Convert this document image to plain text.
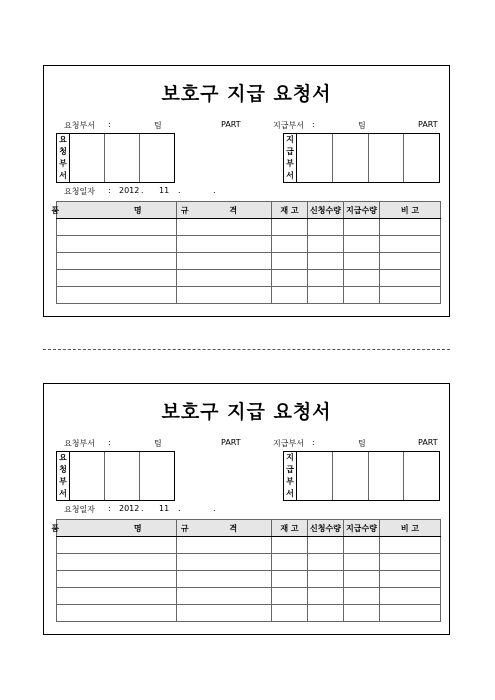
보호구 지급 요청서
요청부서 :	팀	PART	지급부서 :	팀	PART
요
청
부
서
지
급
부
서
요청일자 : 2012 . 11 .	.
품 명	규 격	재 고	신청수량	지급수량	비 고

보호구 지급 요청서
요청부서 :	팀	PART	지급부서 :	팀	PART
요
청
부
서
지
급
부
서
요청일자 : 2012 . 11 .	.
품 명	규 격	재 고	신청수량	지급수량	비 고
